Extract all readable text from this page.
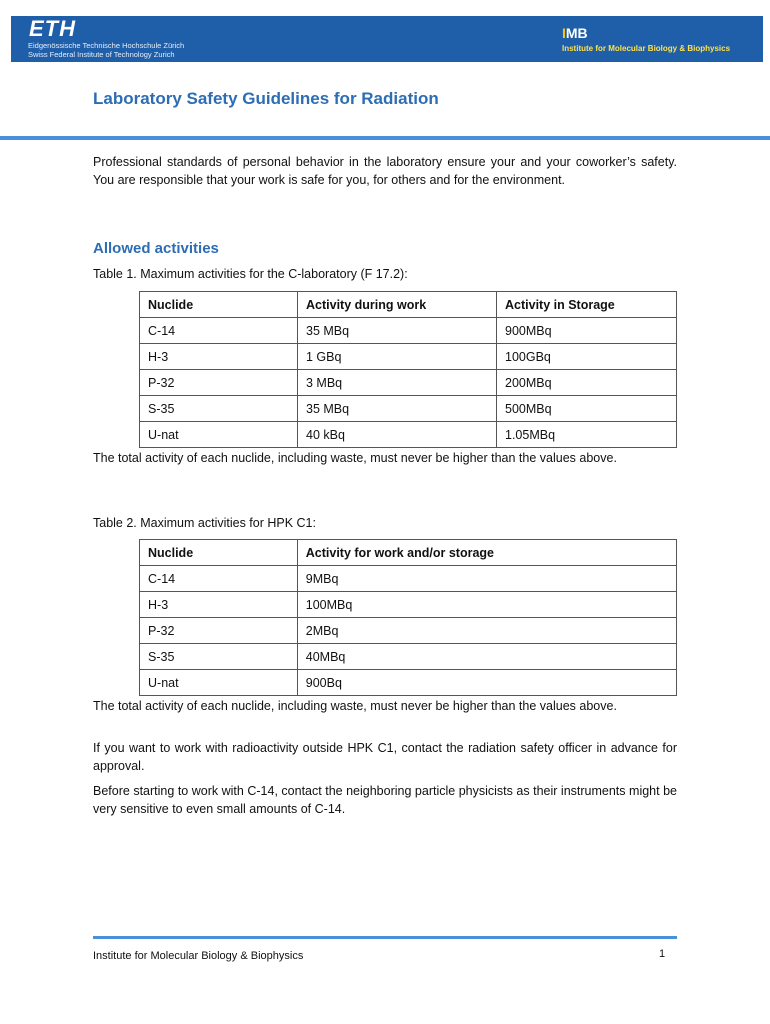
ETH
Eidgenössische Technische Hochschule Zürich
Swiss Federal Institute of Technology Zurich
IMB
Institute for Molecular Biology & Biophysics
Laboratory Safety Guidelines for Radiation
Professional standards of personal behavior in the laboratory ensure your and your coworker’s safety. You are responsible that your work is safe for you, for others and for the environment.
Allowed activities
Table 1. Maximum activities for the C-laboratory (F 17.2):
Nuclide	Activity during work	Activity in Storage
C-14	35 MBq	900MBq
H-3	1 GBq	100GBq
P-32	3 MBq	200MBq
S-35	35 MBq	500MBq
U-nat	40 kBq	1.05MBq
The total activity of each nuclide, including waste, must never be higher than the values above.
Table 2. Maximum activities for HPK C1:
Nuclide	Activity for work and/or storage
C-14	9MBq
H-3	100MBq
P-32	2MBq
S-35	40MBq
U-nat	900Bq
The total activity of each nuclide, including waste, must never be higher than the values above.
If you want to work with radioactivity outside HPK C1, contact the radiation safety officer in advance for approval.
Before starting to work with C-14, contact the neighboring particle physicists as their instruments might be very sensitive to even small amounts of C-14.
Institute for Molecular Biology & Biophysics	1
